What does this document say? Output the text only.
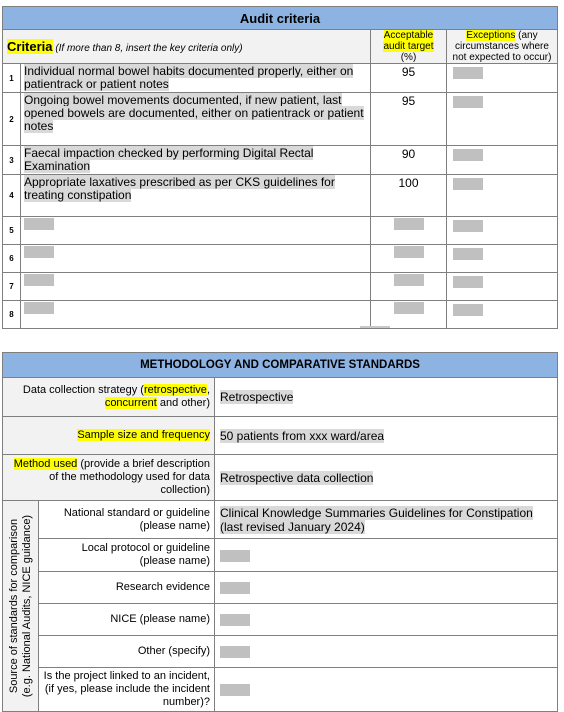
Audit criteria			
Criteria (If more than 8, insert the key criteria only)		Acceptable
audit target
(%)	Exceptions (any circumstances where not expected to occur)
1	Individual normal bowel habits documented properly, either on patientrack or patient notes	95	
2	Ongoing bowel movements documented, if new patient, last opened bowels are documented, either on patientrack or patient notes	95	
3	Faecal impaction checked by performing Digital Rectal Examination	90	
4	Appropriate laxatives prescribed as per CKS guidelines for treating constipation	100	
5			
6			
7			
8			
METHODOLOGY AND COMPARATIVE STANDARDS		
Data collection strategy (retrospective, concurrent and other)		Retrospective
Sample size and frequency		50 patients from xxx ward/area
Method used (provide a brief description of the methodology used for data collection)		Retrospective data collection

Source of standards for comparison
(e.g. National Audits, NICE guidance)	National standard or guideline (please name)	Clinical Knowledge Summaries Guidelines for Constipation (last revised January 2024)
	Local protocol or guideline (please name)	
	Research evidence	
	NICE (please name)	
	Other (specify)	
	Is the project linked to an incident, (if yes, please include the incident number)?	
